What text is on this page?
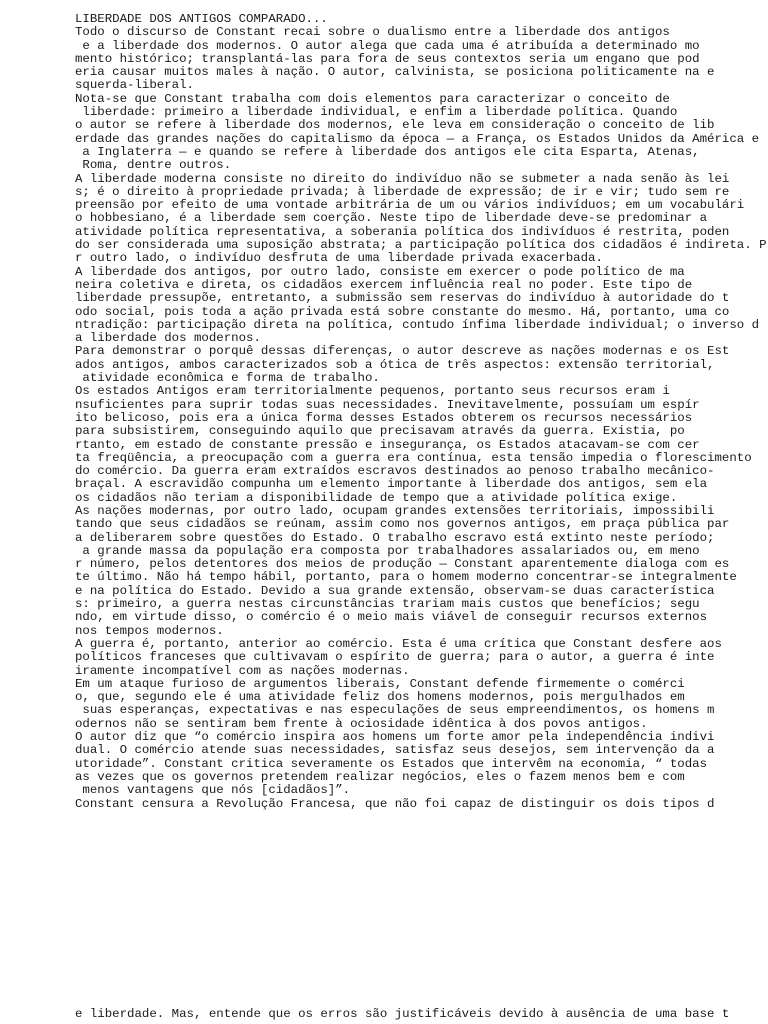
LIBERDADE DOS ANTIGOS COMPARADO...
Todo o discurso de Constant recai sobre o dualismo entre a liberdade dos antigos
e a liberdade dos modernos. O autor alega que cada uma é atribuída a determinado mo
mento histórico; transplantá-las para fora de seus contextos seria um engano que pod
eria causar muitos males à nação. O autor, calvinista, se posiciona politicamente na e
squerda-liberal.
Nota-se que Constant trabalha com dois elementos para caracterizar o conceito de
liberdade: primeiro a liberdade individual, e enfim a liberdade política. Quando
o autor se refere à liberdade dos modernos, ele leva em consideração o conceito de lib
erdade das grandes nações do capitalismo da época — a França, os Estados Unidos da América e
a Inglaterra — e quando se refere à liberdade dos antigos ele cita Esparta, Atenas,
Roma, dentre outros.
A liberdade moderna consiste no direito do indivíduo não se submeter a nada senão às lei
s; é o direito à propriedade privada; à liberdade de expressão; de ir e vir; tudo sem re
preensão por efeito de uma vontade arbitrária de um ou vários indivíduos; em um vocabulári
o hobbesiano, é a liberdade sem coerção. Neste tipo de liberdade deve-se predominar a
atividade política representativa, a soberania política dos indivíduos é restrita, poden
do ser considerada uma suposição abstrata; a participação política dos cidadãos é indireta. P
r outro lado, o indivíduo desfruta de uma liberdade privada exacerbada.
A liberdade dos antigos, por outro lado, consiste em exercer o pode político de ma
neira coletiva e direta, os cidadãos exercem influência real no poder. Este tipo de
liberdade pressupõe, entretanto, a submissão sem reservas do indivíduo à autoridade do t
odo social, pois toda a ação privada está sobre constante do mesmo. Há, portanto, uma co
ntradição: participação direta na política, contudo ínfima liberdade individual; o inverso d
a liberdade dos modernos.
Para demonstrar o porquê dessas diferenças, o autor descreve as nações modernas e os Est
ados antigos, ambos caracterizados sob a ótica de três aspectos: extensão territorial,
atividade econômica e forma de trabalho.
Os estados Antigos eram territorialmente pequenos, portanto seus recursos eram i
nsuficientes para suprir todas suas necessidades. Inevitavelmente, possuíam um espír
ito belicoso, pois era a única forma desses Estados obterem os recursos necessários
para subsistirem, conseguindo aquilo que precisavam através da guerra. Existia, po
rtanto, em estado de constante pressão e insegurança, os Estados atacavam-se com cer
ta freqüência, a preocupação com a guerra era contínua, esta tensão impedia o florescimento
do comércio. Da guerra eram extraídos escravos destinados ao penoso trabalho mecânico-
braçal. A escravidão compunha um elemento importante à liberdade dos antigos, sem ela
os cidadãos não teriam a disponibilidade de tempo que a atividade política exige.
As nações modernas, por outro lado, ocupam grandes extensões territoriais, impossibili
tando que seus cidadãos se reúnam, assim como nos governos antigos, em praça pública par
a deliberarem sobre questões do Estado. O trabalho escravo está extinto neste período;
a grande massa da população era composta por trabalhadores assalariados ou, em meno
r número, pelos detentores dos meios de produção — Constant aparentemente dialoga com es
te último. Não há tempo hábil, portanto, para o homem moderno concentrar-se integralmente
e na política do Estado. Devido a sua grande extensão, observam-se duas característica
s: primeiro, a guerra nestas circunstâncias trariam mais custos que benefícios; segu
ndo, em virtude disso, o comércio é o meio mais viável de conseguir recursos externos
nos tempos modernos.
A guerra é, portanto, anterior ao comércio. Esta é uma crítica que Constant desfere aos
políticos franceses que cultivavam o espírito de guerra; para o autor, a guerra é inte
iramente incompatível com as nações modernas.
Em um ataque furioso de argumentos liberais, Constant defende firmemente o comérci
o, que, segundo ele é uma atividade feliz dos homens modernos, pois mergulhados em
suas esperanças, expectativas e nas especulações de seus empreendimentos, os homens m
odernos não se sentiram bem frente à ociosidade idêntica à dos povos antigos.
O autor diz que “o comércio inspira aos homens um forte amor pela independência indivi
dual. O comércio atende suas necessidades, satisfaz seus desejos, sem intervenção da a
utoridade”. Constant critica severamente os Estados que intervêm na economia, “ todas
as vezes que os governos pretendem realizar negócios, eles o fazem menos bem e com
menos vantagens que nós [cidadãos]”.
Constant censura a Revolução Francesa, que não foi capaz de distinguir os dois tipos d
e liberdade. Mas, entende que os erros são justificáveis devido à ausência de uma base t
